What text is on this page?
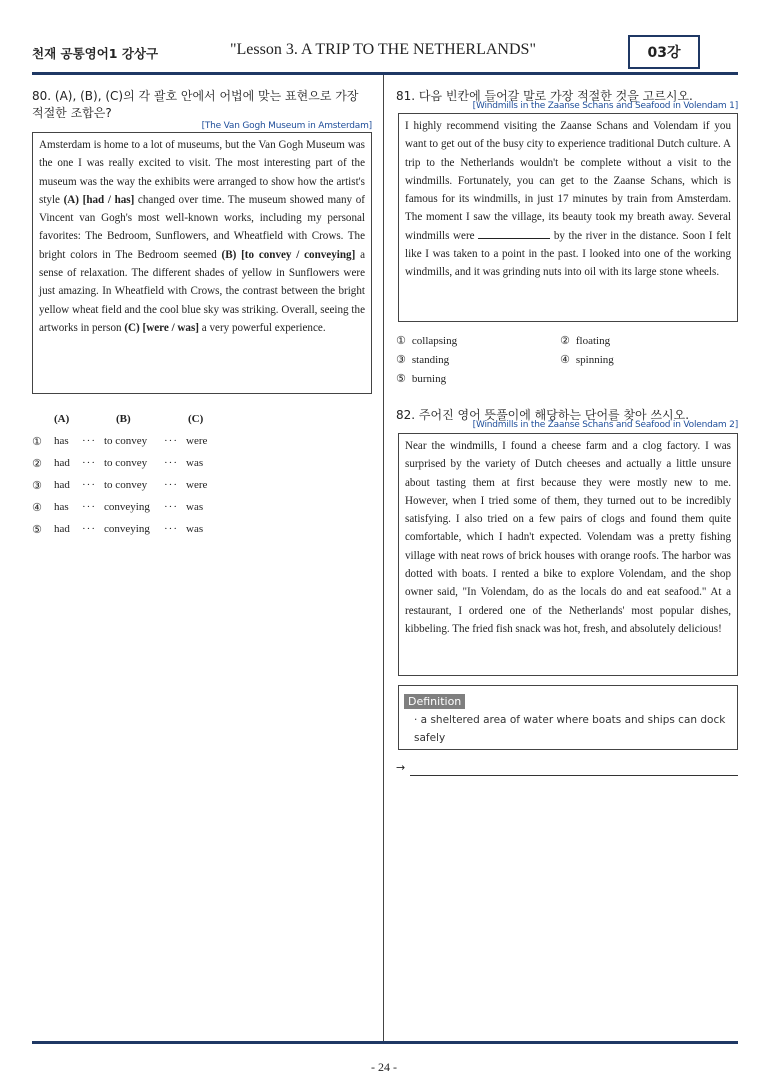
천재 공통영어1 강상구	"Lesson 3. A TRIP TO THE NETHERLANDS"	03강
80. (A), (B), (C)의 각 괄호 안에서 어법에 맞는 표현으로 가장
적절한 조합은?
[The Van Gogh Museum in Amsterdam]
Amsterdam is home to a lot of museums, but the Van Gogh Museum was the one I was really excited to visit. The most interesting part of the museum was the way the exhibits were arranged to show how the artist's style (A) [had / has] changed over time. The museum showed many of Vincent van Gogh's most well-known works, including my personal favorites: The Bedroom, Sunflowers, and Wheatfield with Crows. The bright colors in The Bedroom seemed (B) [to convey / conveying] a sense of relaxation. The different shades of yellow in Sunflowers were just amazing. In Wheatfield with Crows, the contrast between the bright yellow wheat field and the cool blue sky was striking. Overall, seeing the artworks in person (C) [were / was] a very powerful experience.
(A)	(B)	(C)
①	has	··· to convey	··· were
②	had	··· to convey	··· was
③	had	··· to convey	··· were
④	has	··· conveying	··· was
⑤	had	··· conveying	··· was
81. 다음 빈칸에 들어갈 말로 가장 적절한 것을 고르시오.
[Windmills in the Zaanse Schans and Seafood in Volendam 1]
I highly recommend visiting the Zaanse Schans and Volendam if you want to get out of the busy city to experience traditional Dutch culture. A trip to the Netherlands wouldn't be complete without a visit to the windmills. Fortunately, you can get to the Zaanse Schans, which is famous for its windmills, in just 17 minutes by train from Amsterdam. The moment I saw the village, its beauty took my breath away. Several windmills were	by the river in the distance. Soon I felt like I was taken to a point in the past. I looked into one of the working windmills, and it was grinding nuts into oil with its large stone wheels.
① collapsing	② floating
③ standing	④ spinning
⑤ burning
82. 주어진 영어 뜻풀이에 해당하는 단어를 찾아 쓰시오.
[Windmills in the Zaanse Schans and Seafood in Volendam 2]
Near the windmills, I found a cheese farm and a clog factory. I was surprised by the variety of Dutch cheeses and actually a little unsure about tasting them at first because they were mostly new to me. However, when I tried some of them, they turned out to be incredibly satisfying. I also tried on a few pairs of clogs and found them quite comfortable, which I hadn't expected. Volendam was a pretty fishing village with neat rows of brick houses with orange roofs. The harbor was dotted with boats. I rented a bike to explore Volendam, and the shop owner said, "In Volendam, do as the locals do and eat seafood." At a restaurant, I ordered one of the Netherlands' most popular dishes, kibbeling. The fried fish snack was hot, fresh, and absolutely delicious!
Definition
· a sheltered area of water where boats and ships can dock safely
→
- 24 -
